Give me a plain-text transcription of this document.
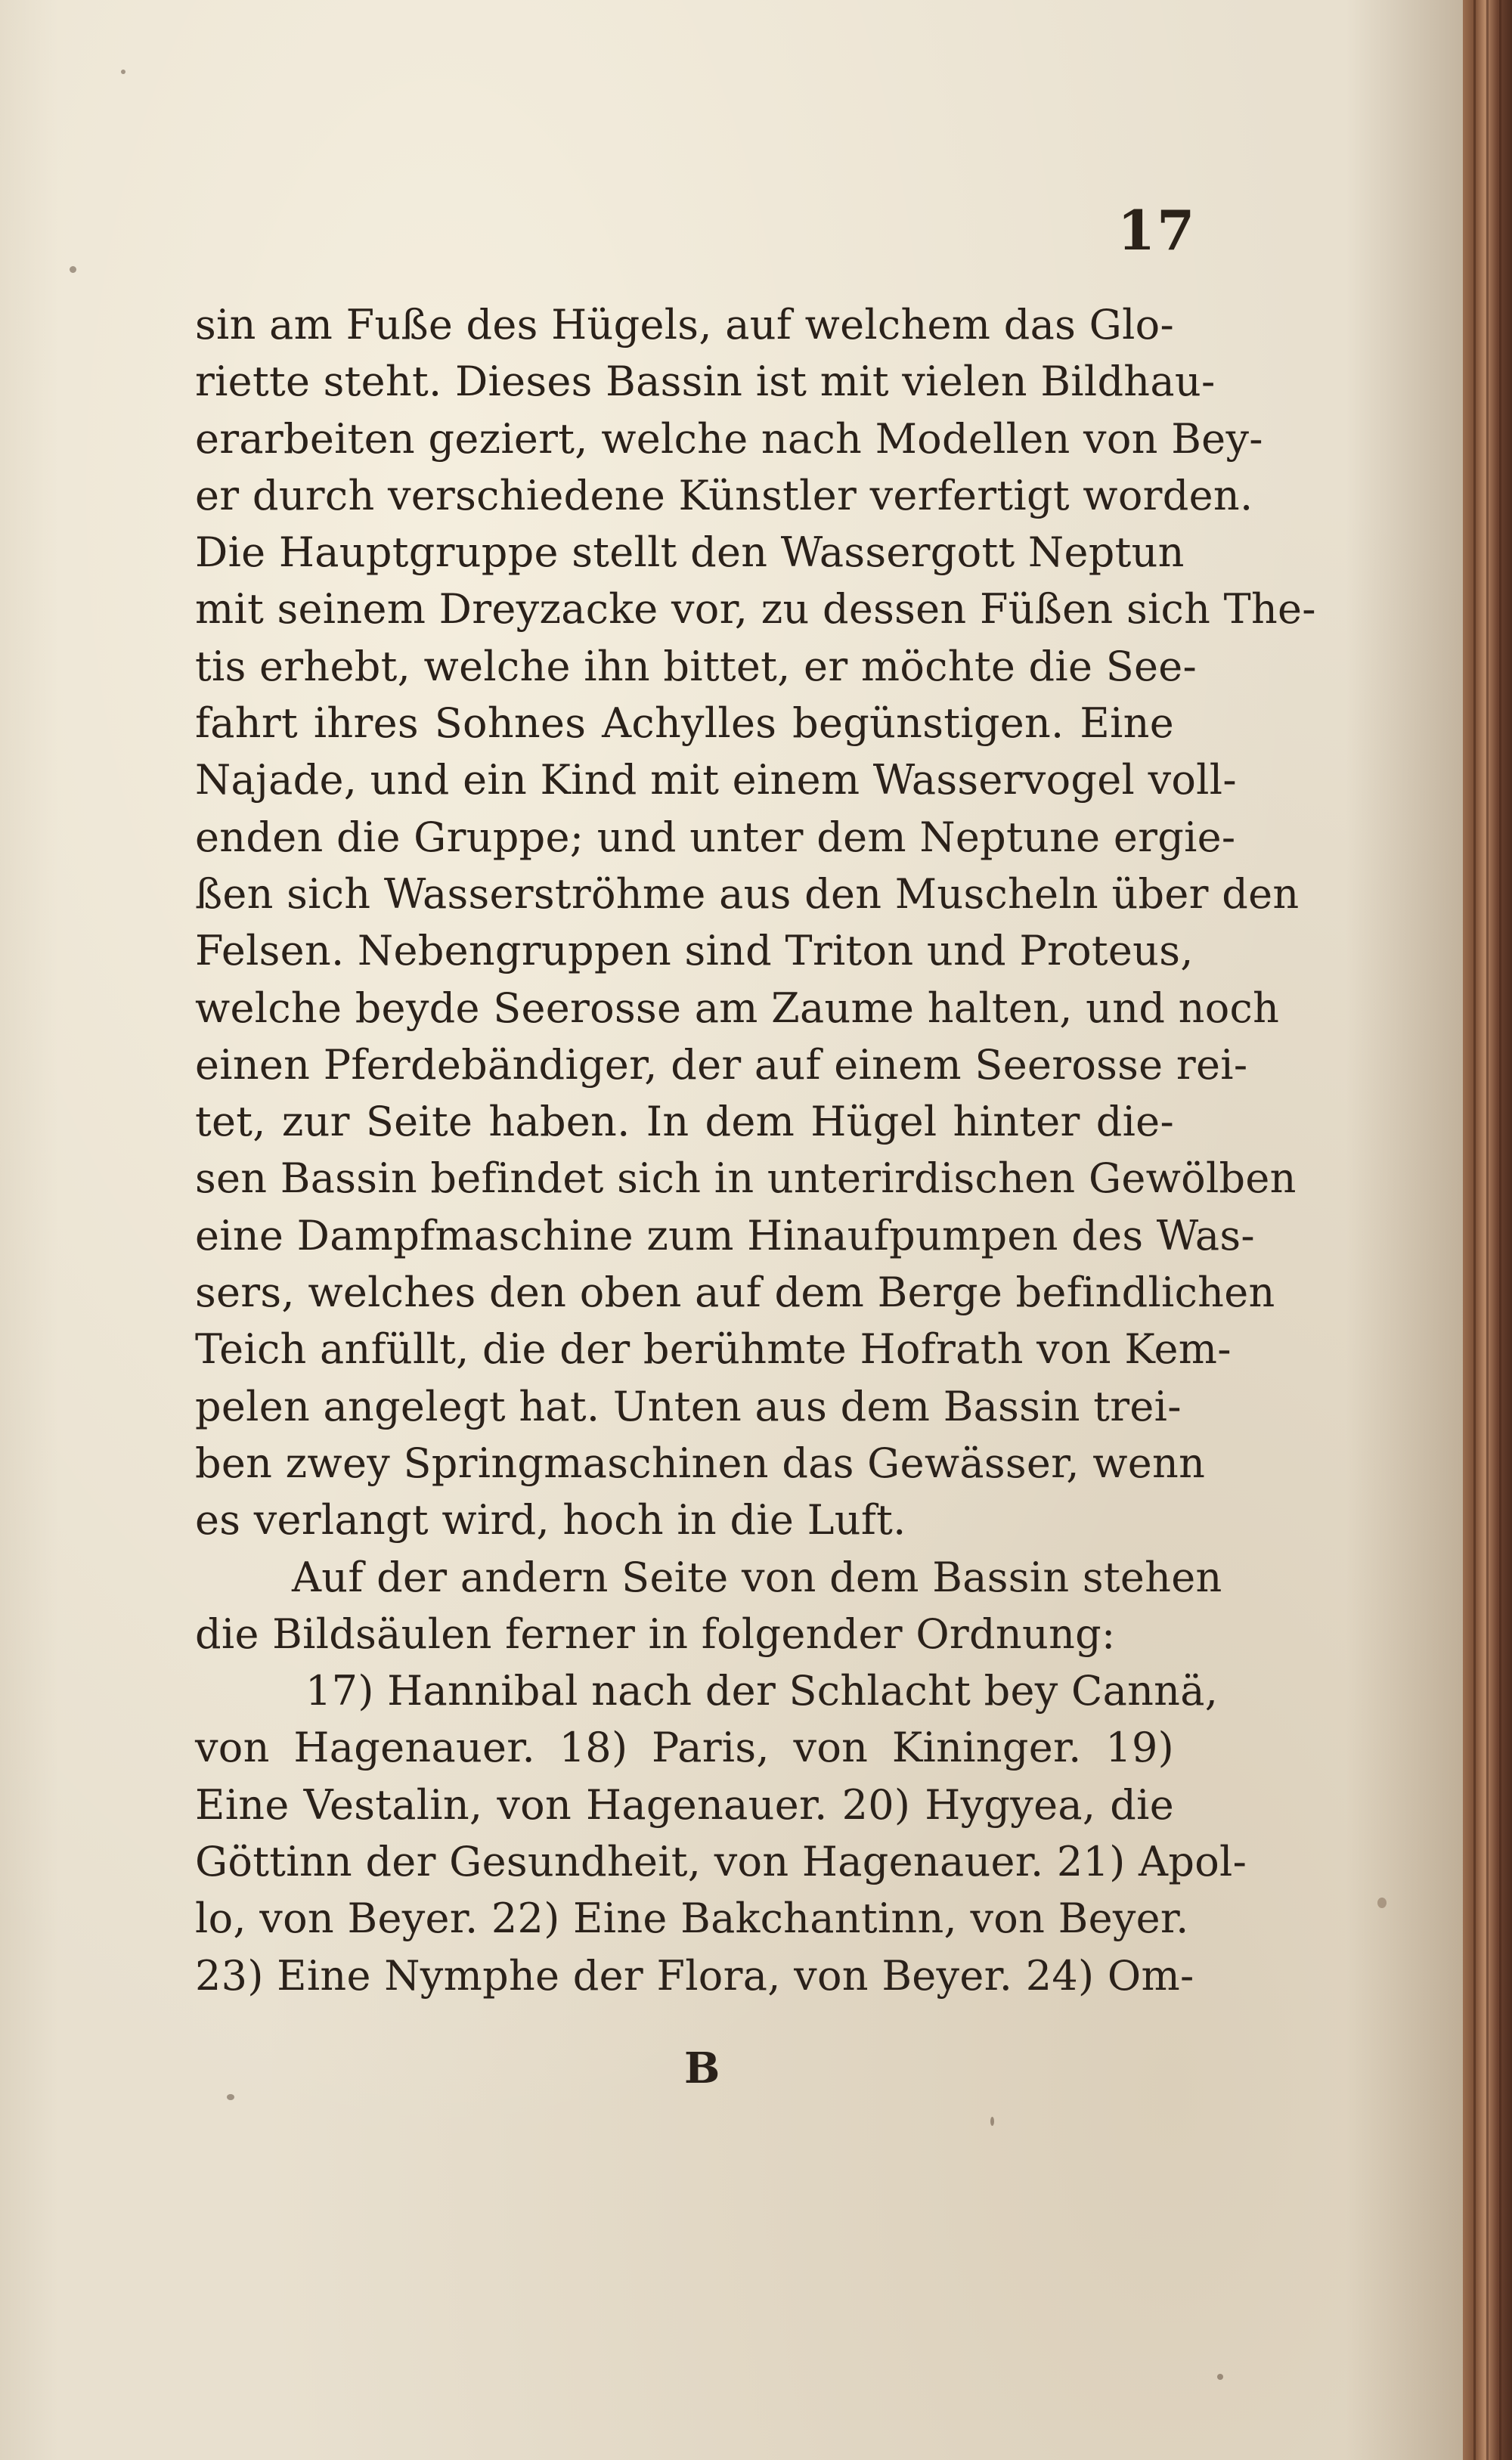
17
sin am Fuße des Hügels, auf welchem das Glo-
riette steht. Dieses Bassin ist mit vielen Bildhau-
erarbeiten geziert, welche nach Modellen von Bey-
er durch verschiedene Künstler verfertigt worden.
Die Hauptgruppe stellt den Wassergott Neptun
mit seinem Dreyzacke vor, zu dessen Füßen sich The-
tis erhebt, welche ihn bittet, er möchte die See-
fahrt ihres Sohnes Achylles begünstigen. Eine
Najade, und ein Kind mit einem Wasservogel voll-
enden die Gruppe; und unter dem Neptune ergie-
ßen sich Wasserströhme aus den Muscheln über den
Felsen. Nebengruppen sind Triton und Proteus,
welche beyde Seerosse am Zaume halten, und noch
einen Pferdebändiger, der auf einem Seerosse rei-
tet, zur Seite haben. In dem Hügel hinter die-
sen Bassin befindet sich in unterirdischen Gewölben
eine Dampfmaschine zum Hinaufpumpen des Was-
sers, welches den oben auf dem Berge befindlichen
Teich anfüllt, die der berühmte Hofrath von Kem-
pelen angelegt hat. Unten aus dem Bassin trei-
ben zwey Springmaschinen das Gewässer, wenn
es verlangt wird, hoch in die Luft.
Auf der andern Seite von dem Bassin stehen
die Bildsäulen ferner in folgender Ordnung:
17) Hannibal nach der Schlacht bey Cannä,
von Hagenauer. 18) Paris, von Kininger. 19)
Eine Vestalin, von Hagenauer. 20) Hygyea, die
Göttinn der Gesundheit, von Hagenauer. 21) Apol-
lo, von Beyer. 22) Eine Bakchantinn, von Beyer.
23) Eine Nymphe der Flora, von Beyer. 24) Om-
B
